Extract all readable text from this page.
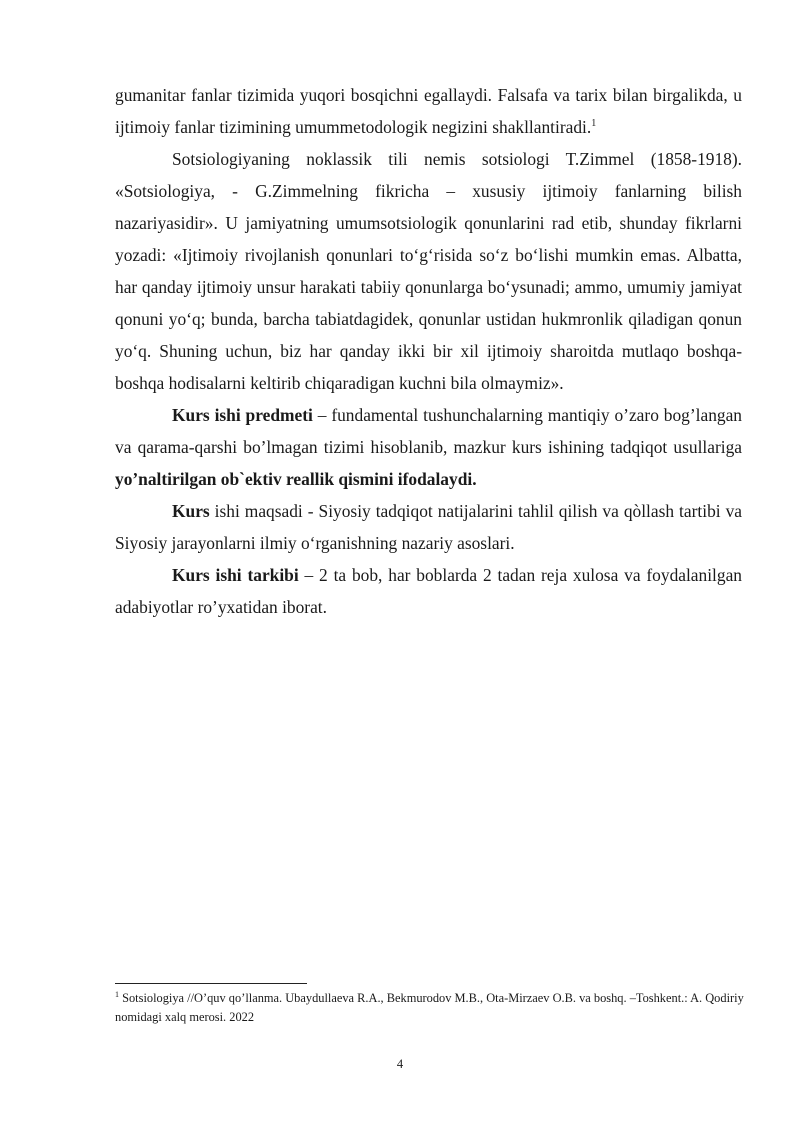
gumanitar fanlar tizimida yuqori bosqichni egallaydi. Falsafa va tarix bilan birgalikda, u ijtimoiy fanlar tizimining umummetodologik negizini shakllantiradi.$^1$

Sotsiologiyaning noklassik tili nemis sotsiologi T.Zimmel (1858-1918). «Sotsiologiya, - G.Zimmelning fikricha – xususiy ijtimoiy fanlarning bilish nazariyasidir». U jamiyatning umumsotsiologik qonunlarini rad etib, shunday fikrlarni yozadi: «Ijtimoiy rivojlanish qonunlari to‘g‘risida so‘z bo‘lishi mumkin emas. Albatta, har qanday ijtimoiy unsur harakati tabiiy qonunlarga bo‘ysunadi; ammo, umumiy jamiyat qonuni yo‘q; bunda, barcha tabiatdagidek, qonunlar ustidan hukmronlik qiladigan qonun yo‘q. Shuning uchun, biz har qanday ikki bir xil ijtimoiy sharoitda mutlaqo boshqa-boshqa hodisalarni keltirib chiqaradigan kuchni bila olmaymiz».

Kurs ishi predmeti – fundamental tushunchalarning mantiqiy o’zaro bog’langan va qarama-qarshi bo’lmagan tizimi hisoblanib, mazkur kurs ishining tadqiqot usullariga yo’naltirilgan ob`ektiv reallik qismini ifodalaydi.

Kurs ishi maqsadi - Siyosiy tadqiqot natijalarini tahlil qilish va qòllash tartibi va Siyosiy jarayonlarni ilmiy o‘rganishning nazariy asoslari.

Kurs ishi tarkibi – 2 ta bob, har boblarda 2 tadan reja xulosa va foydalanilgan adabiyotlar ro’yxatidan iborat.

$^1$ Sotsiologiya //O’quv qo’llanma. Ubaydullaeva R.A., Bekmurodov M.B., Ota-Mirzaev O.B. va boshq. –Toshkent.: A. Qodiriy nomidagi xalq merosi. 2022

4
